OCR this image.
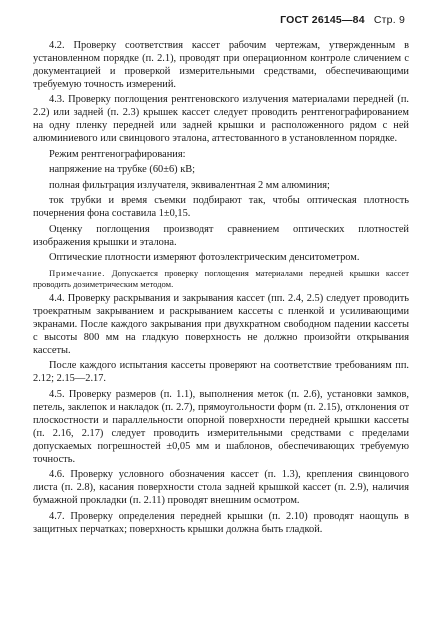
ГОСТ 26145—84 Стр. 9

4.2. Проверку соответствия кассет рабочим чертежам, утвержденным в установленном порядке (п. 2.1), проводят при операционном контроле сличением с документацией и проверкой измерительными средствами, обеспечивающими требуемую точность измерений.

4.3. Проверку поглощения рентгеновского излучения материалами передней (п. 2.2) или задней (п. 2.3) крышек кассет следует проводить рентгенографированием на одну пленку передней или задней крышки и расположенного рядом с ней алюминиевого или свинцового эталона, аттестованного в установленном порядке.

Режим рентгенографирования:

напряжение на трубке (60±6) кВ;

полная фильтрация излучателя, эквивалентная 2 мм алюминия;

ток трубки и время съемки подбирают так, чтобы оптическая плотность почернения фона составила 1±0,15.

Оценку поглощения производят сравнением оптических плотностей изображения крышки и эталона.

Оптические плотности измеряют фотоэлектрическим денситометром.

Примечание. Допускается проверку поглощения материалами передней крышки кассет проводить дозиметрическим методом.

4.4. Проверку раскрывания и закрывания кассет (пп. 2.4, 2.5) следует проводить троекратным закрыванием и раскрыванием кассеты с пленкой и усиливающими экранами. После каждого закрывания при двухкратном свободном падении кассеты с высоты 800 мм на гладкую поверхность не должно произойти открывания кассеты.

После каждого испытания кассеты проверяют на соответствие требованиям пп. 2.12; 2.15—2.17.

4.5. Проверку размеров (п. 1.1), выполнения меток (п. 2.6), установки замков, петель, заклепок и накладок (п. 2.7), прямоугольности форм (п. 2.15), отклонения от плоскостности и параллельности опорной поверхности передней крышки кассеты (п. 2.16, 2.17) следует проводить измерительными средствами с пределами допускаемых погрешностей ±0,05 мм и шаблонов, обеспечивающих требуемую точность.

4.6. Проверку условного обозначения кассет (п. 1.3), крепления свинцового листа (п. 2.8), касания поверхности стола задней крышкой кассет (п. 2.9), наличия бумажной прокладки (п. 2.11) проводят внешним осмотром.

4.7. Проверку определения передней крышки (п. 2.10) проводят наощупь в защитных перчатках; поверхность крышки должна быть гладкой.
